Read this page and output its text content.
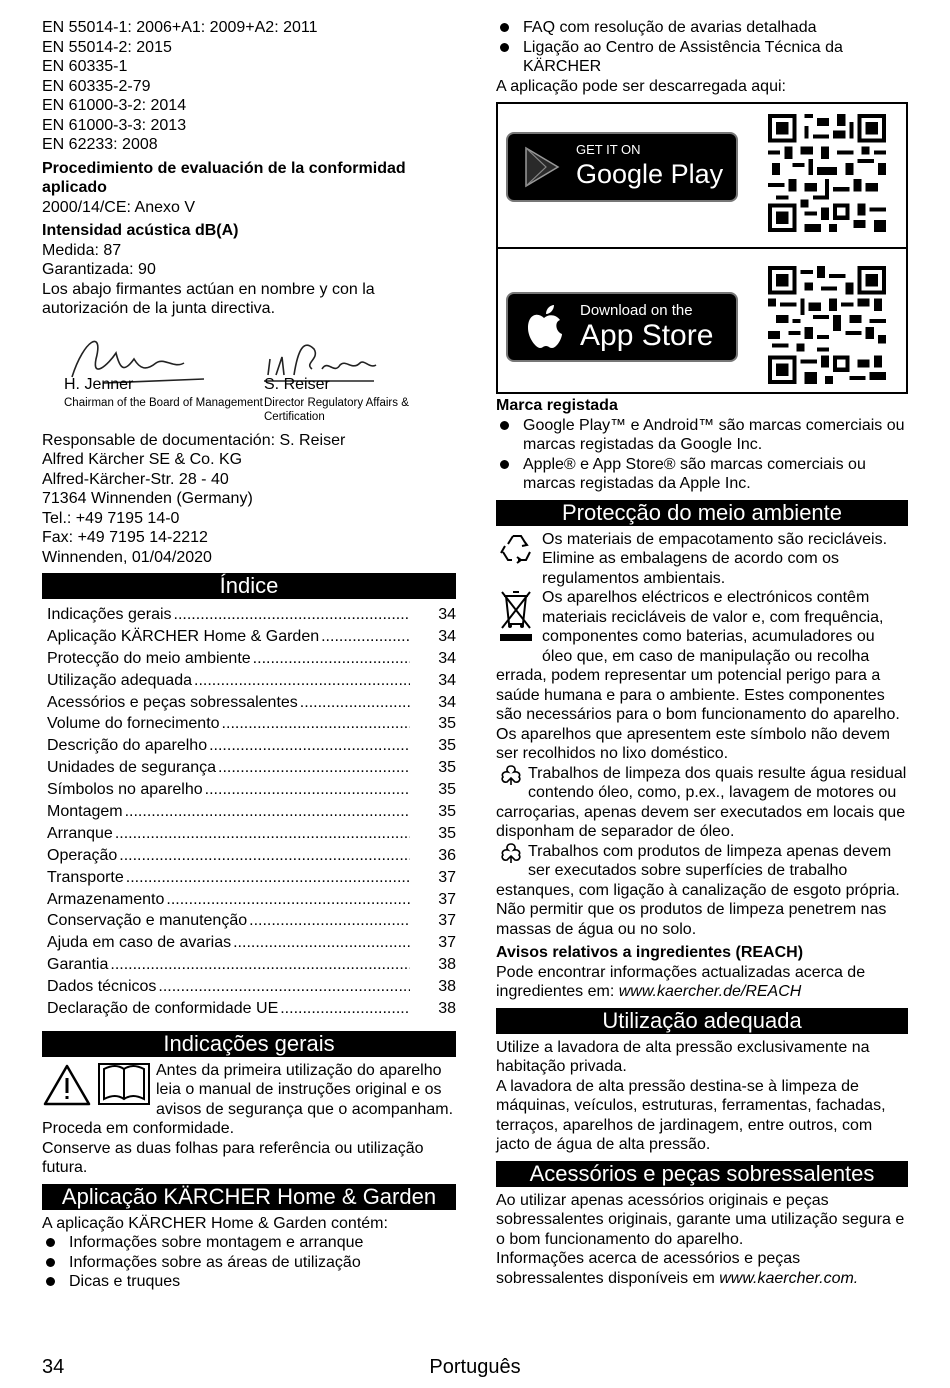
EN 55014-1: 2006+A1: 2009+A2: 2011

EN 55014-2: 2015

EN 60335-1

EN 60335-2-79

EN 61000-3-2: 2014

EN 61000-3-3: 2013

EN 62233: 2008

Procedimiento de evaluación de la conformidad aplicado

2000/14/CE: Anexo V

Intensidad acústica dB(A)

Medida: 87

Garantizada: 90

Los abajo firmantes actúan en nombre y con la autorización de la junta directiva.

H. Jenner
Chairman of the Board of Management
S. Reiser
Director Regulatory Affairs & Certification

Responsable de documentación: S. Reiser

Alfred Kärcher SE & Co. KG

Alfred-Kärcher-Str. 28 - 40

71364 Winnenden (Germany)

Tel.: +49 7195 14-0

Fax: +49 7195 14-2212

Winnenden, 01/04/2020

Índice
Indicações gerais .....	34
Aplicação KÄRCHER Home & Garden .....	34
Protecção do meio ambiente .....	34
Utilização adequada .....	34
Acessórios e peças sobressalentes .....	34
Volume do fornecimento .....	35
Descrição do aparelho .....	35
Unidades de segurança .....	35
Símbolos no aparelho .....	35
Montagem .....	35
Arranque .....	35
Operação .....	36
Transporte .....	37
Armazenamento .....	37
Conservação e manutenção .....	37
Ajuda em caso de avarias .....	37
Garantia .....	38
Dados técnicos .....	38
Declaração de conformidade UE .....	38
Indicações gerais

Antes da primeira utilização do aparelho leia o manual de instruções original e os avisos de segurança que o acompanham. Proceda em conformidade.

Conserve as duas folhas para referência ou utilização futura.

Aplicação KÄRCHER Home & Garden

A aplicação KÄRCHER Home & Garden contém:

Informações sobre montagem e arranque

Informações sobre as áreas de utilização

Dicas e truques

FAQ com resolução de avarias detalhada

Ligação ao Centro de Assistência Técnica da KÄRCHER

A aplicação pode ser descarregada aqui:

GET IT ON
Google Play
Download on the
App Store

Marca registada

Google Play™ e Android™ são marcas comerciais ou marcas registadas da Google Inc.

Apple® e App Store® são marcas comerciais ou marcas registadas da Apple Inc.

Protecção do meio ambiente

Os materiais de empacotamento são recicláveis. Elimine as embalagens de acordo com os regulamentos ambientais.

Os aparelhos eléctricos e electrónicos contêm materiais recicláveis de valor e, com frequência, componentes como baterias, acumuladores ou óleo que, em caso de manipulação ou recolha errada, podem representar um potencial perigo para a saúde humana e para o ambiente. Estes componentes são necessários para o bom funcionamento do aparelho. Os aparelhos que apresentem este símbolo não devem ser recolhidos no lixo doméstico.

Trabalhos de limpeza dos quais resulte água residual contendo óleo, como, p.ex., lavagem de motores ou carroçarias, apenas devem ser executados em locais que disponham de separador de óleo.

Trabalhos com produtos de limpeza apenas devem ser executados sobre superfícies de trabalho estanques, com ligação à canalização de esgoto própria. Não permitir que os produtos de limpeza penetrem nas massas de água ou no solo.

Avisos relativos a ingredientes (REACH)

Pode encontrar informações actualizadas acerca de ingredientes em: www.kaercher.de/REACH

Utilização adequada

Utilize a lavadora de alta pressão exclusivamente na habitação privada.

A lavadora de alta pressão destina-se à limpeza de máquinas, veículos, estruturas, ferramentas, fachadas, terraços, aparelhos de jardinagem, entre outros, com jacto de água de alta pressão.

Acessórios e peças sobressalentes

Ao utilizar apenas acessórios originais e peças sobressalentes originais, garante uma utilização segura e o bom funcionamento do aparelho.

Informações acerca de acessórios e peças sobressalentes disponíveis em www.kaercher.com.

34	Português
